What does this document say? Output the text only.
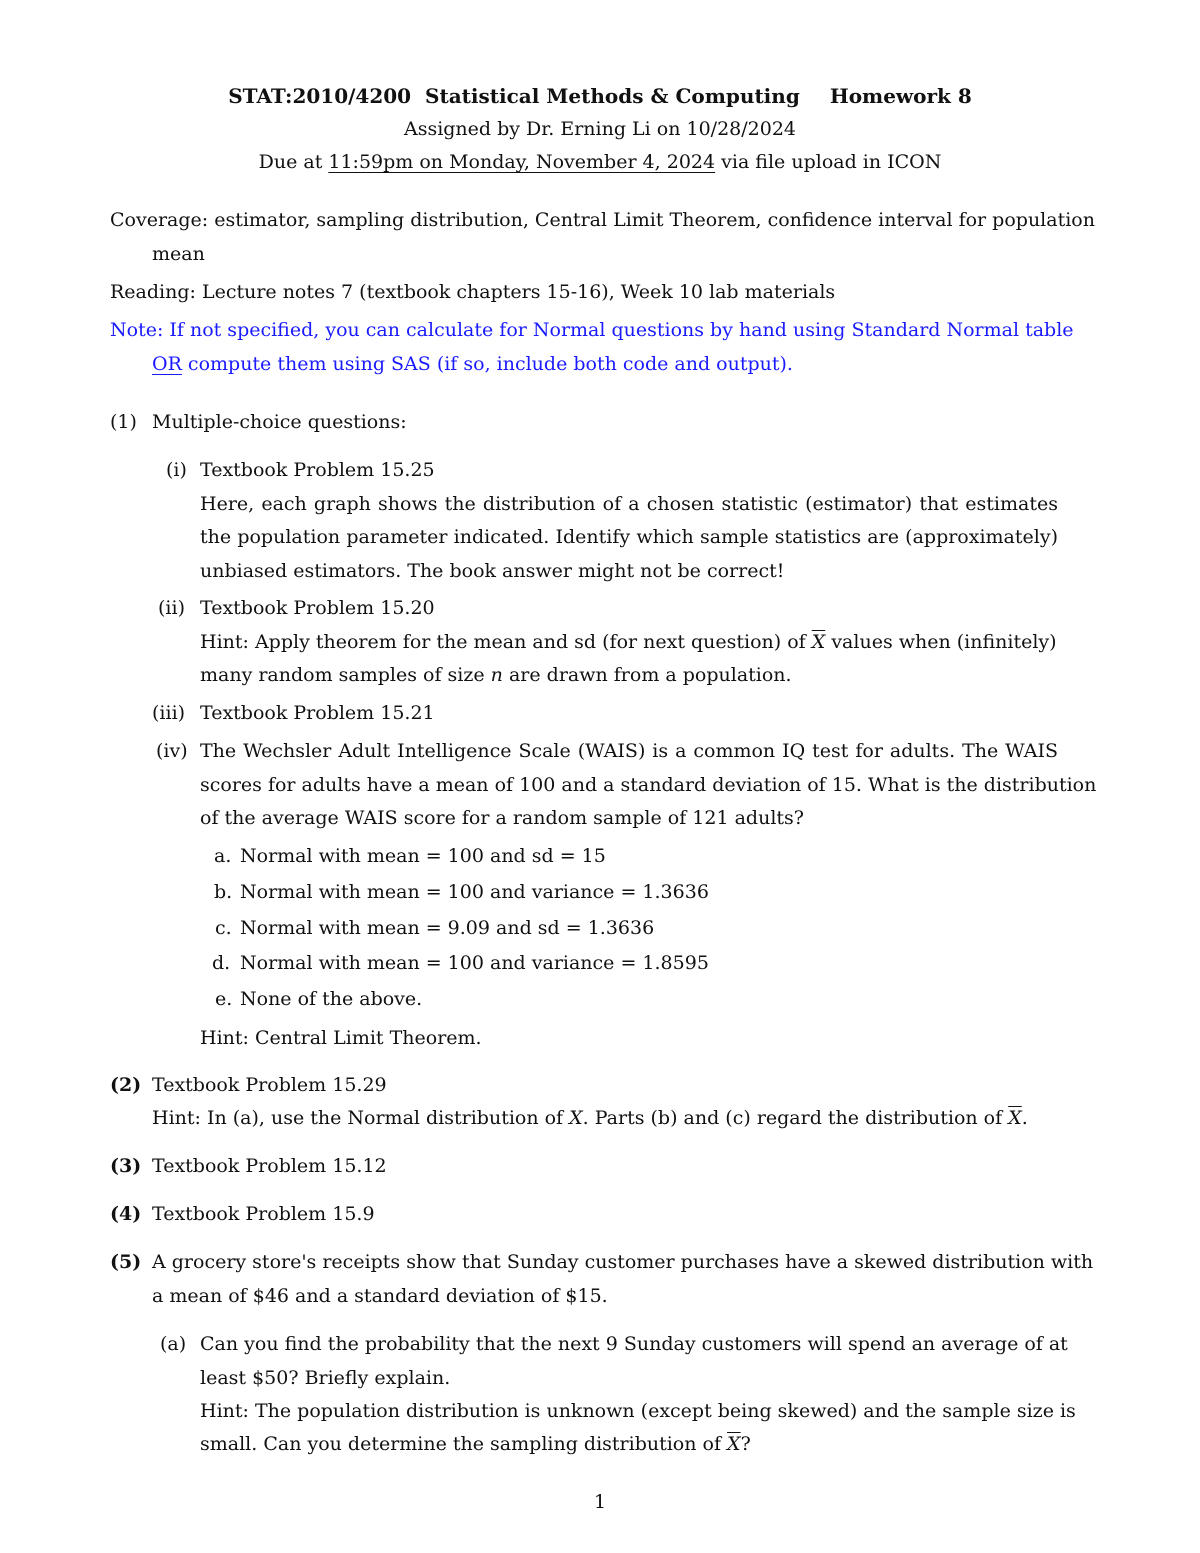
STAT:2010/4200 Statistical Methods & Computing Homework 8
Assigned by Dr. Erning Li on 10/28/2024
Due at 11:59pm on Monday, November 4, 2024 via file upload in ICON
Coverage: estimator, sampling distribution, Central Limit Theorem, confidence interval for population
mean
Reading: Lecture notes 7 (textbook chapters 15-16), Week 10 lab materials
Note: If not specified, you can calculate for Normal questions by hand using Standard Normal table
OR compute them using SAS (if so, include both code and output).
(1) Multiple-choice questions:
(i) Textbook Problem 15.25
Here, each graph shows the distribution of a chosen statistic (estimator) that estimates
the population parameter indicated. Identify which sample statistics are (approximately)
unbiased estimators. The book answer might not be correct!
(ii) Textbook Problem 15.20
Hint: Apply theorem for the mean and sd (for next question) of $\overline{X}$ values when (infinitely)
many random samples of size n are drawn from a population.
(iii) Textbook Problem 15.21
(iv) The Wechsler Adult Intelligence Scale (WAIS) is a common IQ test for adults. The WAIS
scores for adults have a mean of 100 and a standard deviation of 15. What is the distribution
of the average WAIS score for a random sample of 121 adults?
a. Normal with mean = 100 and sd = 15
b. Normal with mean = 100 and variance = 1.3636
c. Normal with mean = 9.09 and sd = 1.3636
d. Normal with mean = 100 and variance = 1.8595
e. None of the above.
Hint: Central Limit Theorem.
(2) Textbook Problem 15.29
Hint: In (a), use the Normal distribution of X. Parts (b) and (c) regard the distribution of $\overline{X}$.
(3) Textbook Problem 15.12
(4) Textbook Problem 15.9
(5) A grocery store's receipts show that Sunday customer purchases have a skewed distribution with
a mean of $46 and a standard deviation of $15.
(a) Can you find the probability that the next 9 Sunday customers will spend an average of at
least $50? Briefly explain.
Hint: The population distribution is unknown (except being skewed) and the sample size is
small. Can you determine the sampling distribution of $\overline{X}$?
1
